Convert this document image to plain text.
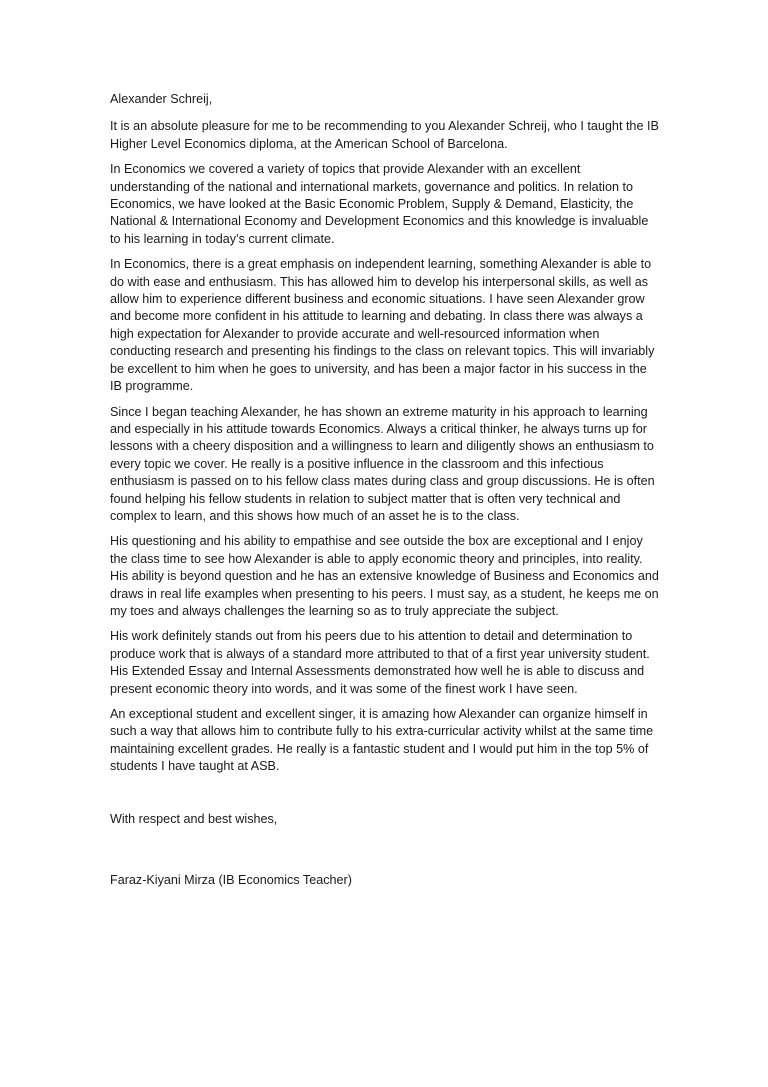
Alexander Schreij,

It is an absolute pleasure for me to be recommending to you Alexander Schreij, who I taught the IB Higher Level Economics diploma, at the American School of Barcelona.

In Economics we covered a variety of topics that provide Alexander with an excellent understanding of the national and international markets, governance and politics. In relation to Economics, we have looked at the Basic Economic Problem, Supply & Demand, Elasticity, the National & International Economy and Development Economics and this knowledge is invaluable to his learning in today’s current climate.

In Economics, there is a great emphasis on independent learning, something Alexander is able to do with ease and enthusiasm. This has allowed him to develop his interpersonal skills, as well as allow him to experience different business and economic situations. I have seen Alexander grow and become more confident in his attitude to learning and debating. In class there was always a high expectation for Alexander to provide accurate and well-resourced information when conducting research and presenting his findings to the class on relevant topics. This will invariably be excellent to him when he goes to university, and has been a major factor in his success in the IB programme.

Since I began teaching Alexander, he has shown an extreme maturity in his approach to learning and especially in his attitude towards Economics. Always a critical thinker, he always turns up for lessons with a cheery disposition and a willingness to learn and diligently shows an enthusiasm to every topic we cover. He really is a positive influence in the classroom and this infectious enthusiasm is passed on to his fellow class mates during class and group discussions. He is often found helping his fellow students in relation to subject matter that is often very technical and complex to learn, and this shows how much of an asset he is to the class.

His questioning and his ability to empathise and see outside the box are exceptional and I enjoy the class time to see how Alexander is able to apply economic theory and principles, into reality. His ability is beyond question and he has an extensive knowledge of Business and Economics and draws in real life examples when presenting to his peers. I must say, as a student, he keeps me on my toes and always challenges the learning so as to truly appreciate the subject.

His work definitely stands out from his peers due to his attention to detail and determination to produce work that is always of a standard more attributed to that of a first year university student. His Extended Essay and Internal Assessments demonstrated how well he is able to discuss and present economic theory into words, and it was some of the finest work I have seen.

An exceptional student and excellent singer, it is amazing how Alexander can organize himself in such a way that allows him to contribute fully to his extra-curricular activity whilst at the same time maintaining excellent grades. He really is a fantastic student and I would put him in the top 5% of students I have taught at ASB.

With respect and best wishes,

Faraz-Kiyani Mirza (IB Economics Teacher)
